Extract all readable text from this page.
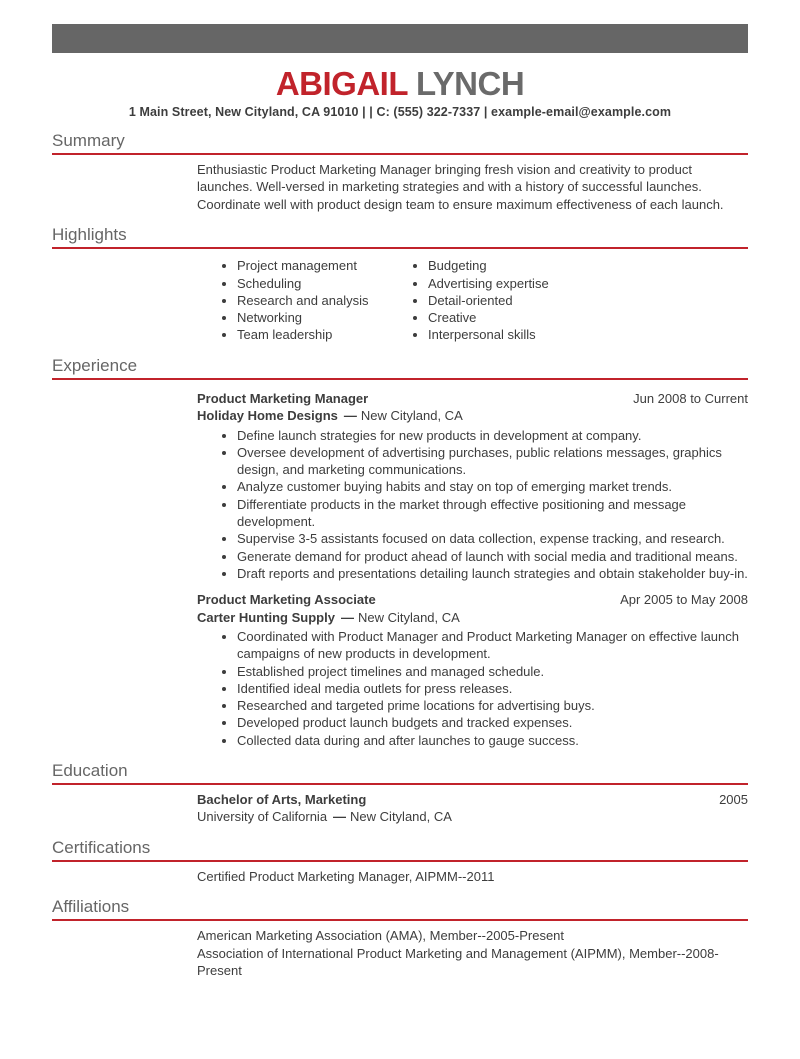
ABIGAIL LYNCH
1 Main Street, New Cityland, CA 91010 | | C: (555) 322-7337 | example-email@example.com
Summary

Enthusiastic Product Marketing Manager bringing fresh vision and creativity to product launches. Well-versed in marketing strategies and with a history of successful launches. Coordinate well with product design team to ensure maximum effectiveness of each launch.

Highlights
• Project management
• Scheduling
• Research and analysis
• Networking
• Team leadership
• Budgeting
• Advertising expertise
• Detail-oriented
• Creative
• Interpersonal skills
Experience
Product Marketing Manager	Jun 2008 to Current
Holiday Home Designs — New Cityland, CA
• Define launch strategies for new products in development at company.
• Oversee development of advertising purchases, public relations messages, graphics design, and marketing communications.
• Analyze customer buying habits and stay on top of emerging market trends.
• Differentiate products in the market through effective positioning and message development.
• Supervise 3-5 assistants focused on data collection, expense tracking, and research.
• Generate demand for product ahead of launch with social media and traditional means.
• Draft reports and presentations detailing launch strategies and obtain stakeholder buy-in.
Product Marketing Associate	Apr 2005 to May 2008
Carter Hunting Supply — New Cityland, CA
• Coordinated with Product Manager and Product Marketing Manager on effective launch campaigns of new products in development.
• Established project timelines and managed schedule.
• Identified ideal media outlets for press releases.
• Researched and targeted prime locations for advertising buys.
• Developed product launch budgets and tracked expenses.
• Collected data during and after launches to gauge success.
Education
Bachelor of Arts, Marketing	2005
University of California — New Cityland, CA
Certifications

Certified Product Marketing Manager, AIPMM--2011

Affiliations

American Marketing Association (AMA), Member--2005-Present

Association of International Product Marketing and Management (AIPMM), Member--2008-Present
